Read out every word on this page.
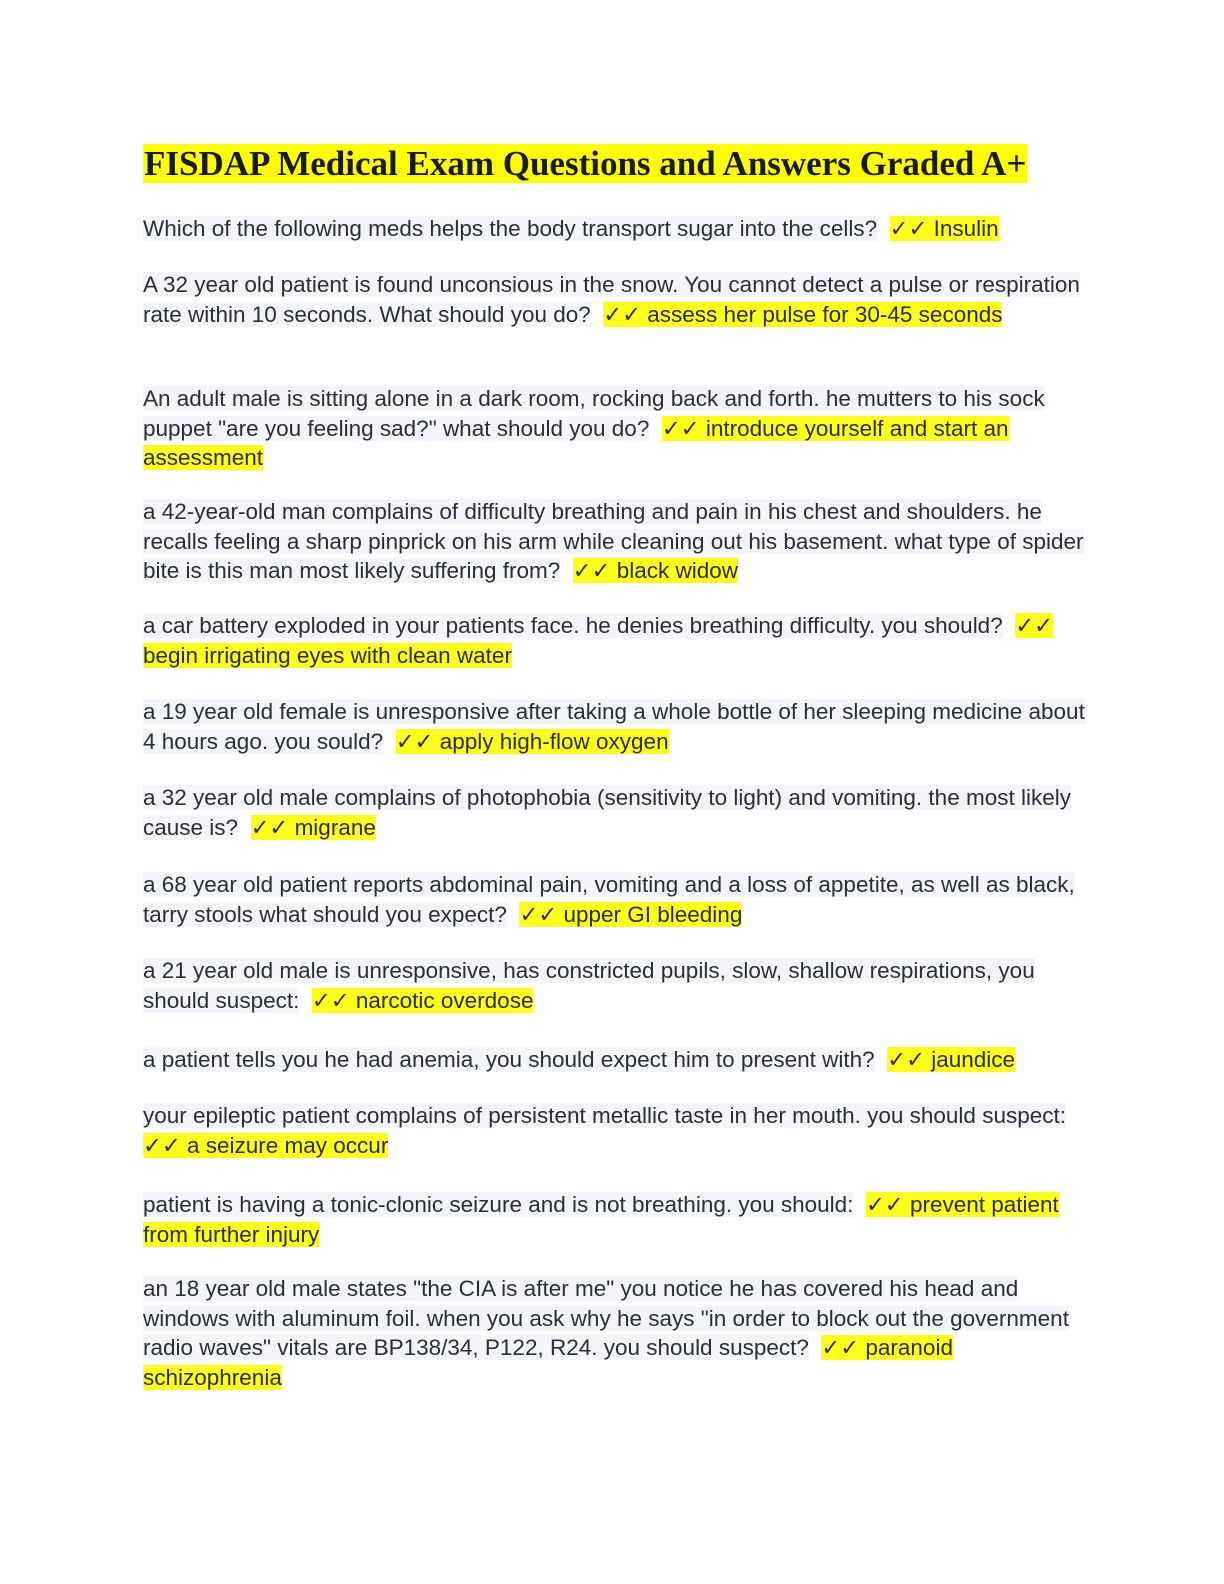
FISDAP Medical Exam Questions and Answers Graded A+

Which of the following meds helps the body transport sugar into the cells? ✓✓ Insulin

A 32 year old patient is found unconsious in the snow. You cannot detect a pulse or respiration rate within 10 seconds. What should you do? ✓✓ assess her pulse for 30-45 seconds

An adult male is sitting alone in a dark room, rocking back and forth. he mutters to his sock puppet "are you feeling sad?" what should you do? ✓✓ introduce yourself and start an assessment

a 42-year-old man complains of difficulty breathing and pain in his chest and shoulders. he recalls feeling a sharp pinprick on his arm while cleaning out his basement. what type of spider bite is this man most likely suffering from? ✓✓ black widow

a car battery exploded in your patients face. he denies breathing difficulty. you should? ✓✓ begin irrigating eyes with clean water

a 19 year old female is unresponsive after taking a whole bottle of her sleeping medicine about 4 hours ago. you sould? ✓✓ apply high-flow oxygen

a 32 year old male complains of photophobia (sensitivity to light) and vomiting. the most likely cause is? ✓✓ migrane

a 68 year old patient reports abdominal pain, vomiting and a loss of appetite, as well as black, tarry stools what should you expect? ✓✓ upper GI bleeding

a 21 year old male is unresponsive, has constricted pupils, slow, shallow respirations, you should suspect: ✓✓ narcotic overdose

a patient tells you he had anemia, you should expect him to present with? ✓✓ jaundice

your epileptic patient complains of persistent metallic taste in her mouth. you should suspect:  ✓✓ a seizure may occur

patient is having a tonic-clonic seizure and is not breathing. you should: ✓✓ prevent patient from further injury

an 18 year old male states "the CIA is after me" you notice he has covered his head and windows with aluminum foil. when you ask why he says "in order to block out the government radio waves" vitals are BP138/34, P122, R24. you should suspect? ✓✓ paranoid schizophrenia
